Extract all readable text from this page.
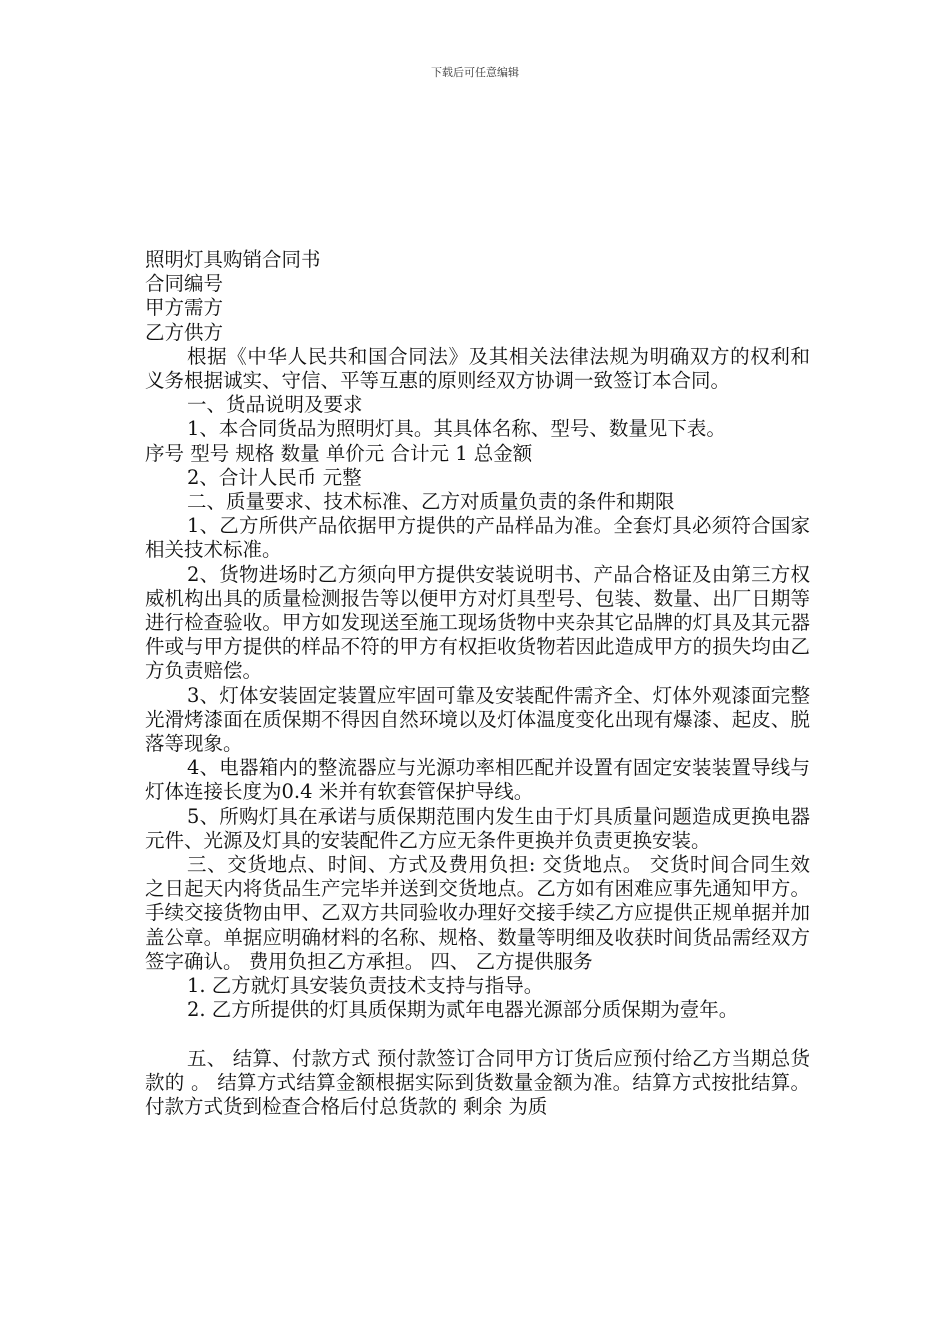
下载后可任意编辑

照明灯具购销合同书

合同编号

甲方需方

乙方供方

根据《中华人民共和国合同法》及其相关法律法规为明确双方的权利和义务根据诚实、守信、平等互惠的原则经双方协调一致签订本合同。

一、货品说明及要求

1、本合同货品为照明灯具。其具体名称、型号、数量见下表。

序号 型号 规格 数量 单价元 合计元 1 总金额

2、合计人民币 元整

二、质量要求、技术标准、乙方对质量负责的条件和期限

1、乙方所供产品依据甲方提供的产品样品为准。全套灯具必须符合国家相关技术标准。

2、货物进场时乙方须向甲方提供安装说明书、产品合格证及由第三方权威机构出具的质量检测报告等以便甲方对灯具型号、包装、数量、出厂日期等进行检查验收。甲方如发现送至施工现场货物中夹杂其它品牌的灯具及其元器件或与甲方提供的样品不符的甲方有权拒收货物若因此造成甲方的损失均由乙方负责赔偿。

3、灯体安装固定装置应牢固可靠及安装配件需齐全、灯体外观漆面完整光滑烤漆面在质保期不得因自然环境以及灯体温度变化出现有爆漆、起皮、脱落等现象。

4、电器箱内的整流器应与光源功率相匹配并设置有固定安装装置导线与灯体连接长度为0.4 米并有软套管保护导线。

5、所购灯具在承诺与质保期范围内发生由于灯具质量问题造成更换电器元件、光源及灯具的安装配件乙方应无条件更换并负责更换安装。

三、交货地点、时间、方式及费用负担: 交货地点。 交货时间合同生效之日起天内将货品生产完毕并送到交货地点。乙方如有困难应事先通知甲方。 手续交接货物由甲、乙双方共同验收办理好交接手续乙方应提供正规单据并加盖公章。单据应明确材料的名称、规格、数量等明细及收获时间货品需经双方签字确认。 费用负担乙方承担。 四、 乙方提供服务

1. 乙方就灯具安装负责技术支持与指导。

2. 乙方所提供的灯具质保期为贰年电器光源部分质保期为壹年。

五、 结算、付款方式 预付款签订合同甲方订货后应预付给乙方当期总货款的 。 结算方式结算金额根据实际到货数量金额为准。结算方式按批结算。 付款方式货到检查合格后付总货款的 剩余 为质
